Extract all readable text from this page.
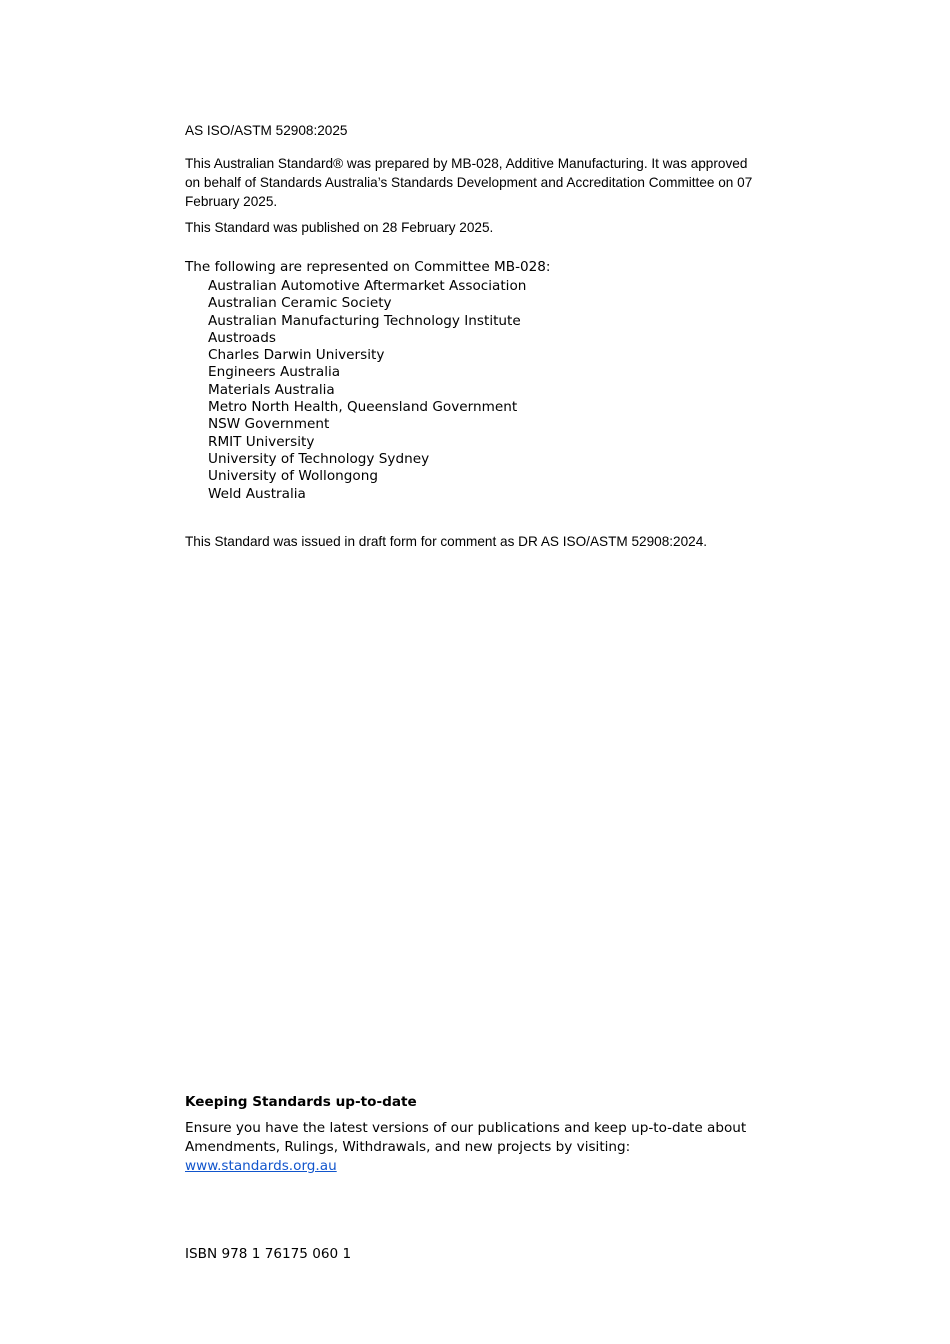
AS ISO/ASTM 52908:2025
This Australian Standard® was prepared by MB-028, Additive Manufacturing. It was approved on behalf of Standards Australia’s Standards Development and Accreditation Committee on 07 February 2025.
This Standard was published on 28 February 2025.
The following are represented on Committee MB-028:
Australian Automotive Aftermarket Association
Australian Ceramic Society
Australian Manufacturing Technology Institute
Austroads
Charles Darwin University
Engineers Australia
Materials Australia
Metro North Health, Queensland Government
NSW Government
RMIT University
University of Technology Sydney
University of Wollongong
Weld Australia
This Standard was issued in draft form for comment as DR AS ISO/ASTM 52908:2024.
Keeping Standards up-to-date
Ensure you have the latest versions of our publications and keep up-to-date about Amendments, Rulings, Withdrawals, and new projects by visiting:
www.standards.org.au
ISBN 978 1 76175 060 1
